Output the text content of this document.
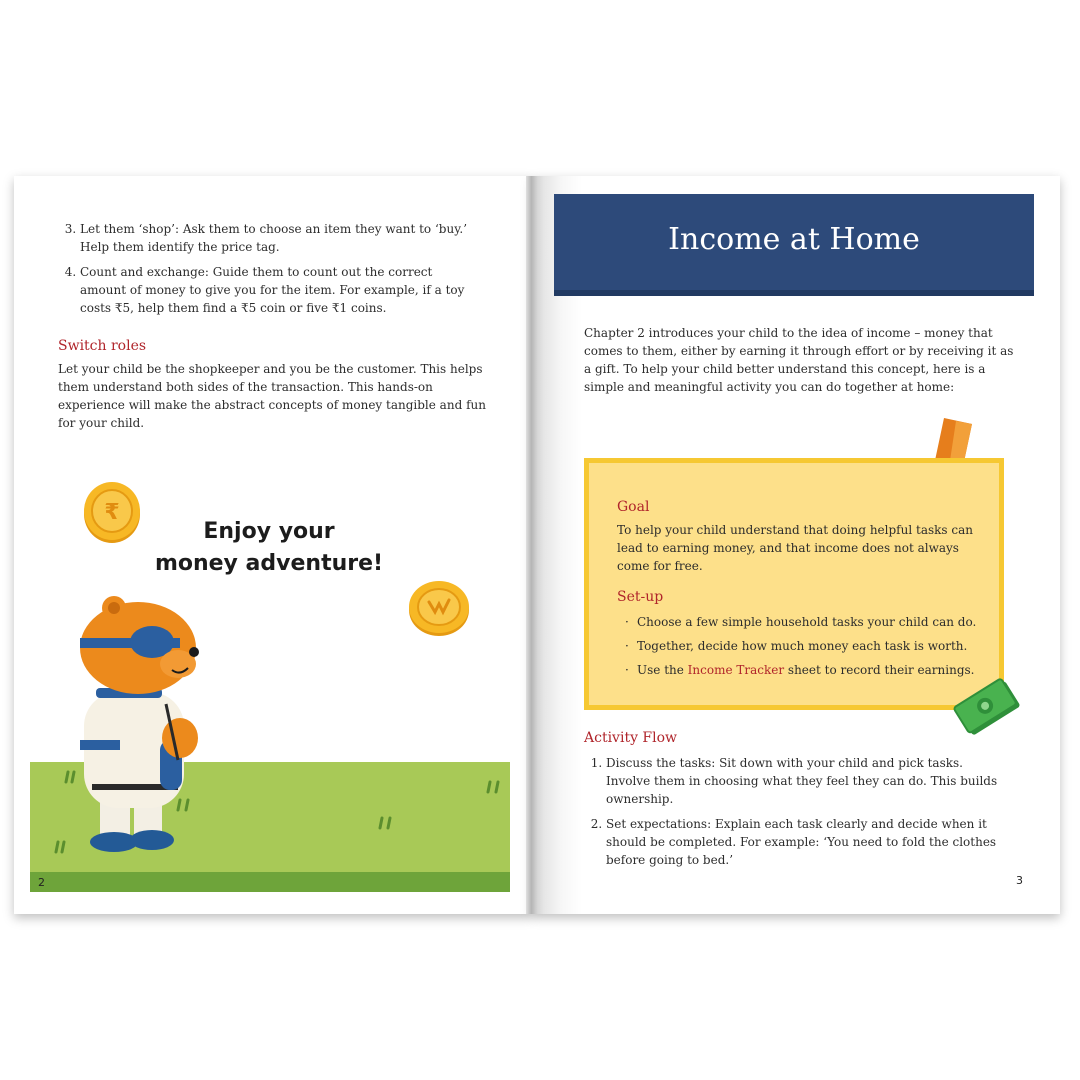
3. Let them ‘shop’: Ask them to choose an item they want to ‘buy.’ Help them identify the price tag.
4. Count and exchange: Guide them to count out the correct amount of money to give you for the item. For example, if a toy costs ₹5, help them find a ₹5 coin or five ₹1 coins.
Switch roles
Let your child be the shopkeeper and you be the customer. This helps them understand both sides of the transaction. This hands-on experience will make the abstract concepts of money tangible and fun for your child.
₹
Enjoy your
money adventure!
2
Income at Home
Chapter 2 introduces your child to the idea of income – money that comes to them, either by earning it through effort or by receiving it as a gift. To help your child better understand this concept, here is a simple and meaningful activity you can do together at home:
Goal
To help your child understand that doing helpful tasks can lead to earning money, and that income does not always come for free.
Set-up
· Choose a few simple household tasks your child can do.
· Together, decide how much money each task is worth.
· Use the Income Tracker sheet to record their earnings.
Activity Flow
1. Discuss the tasks: Sit down with your child and pick tasks. Involve them in choosing what they feel they can do. This builds ownership.
2. Set expectations: Explain each task clearly and decide when it should be completed. For example: ‘You need to fold the clothes before going to bed.’
3
